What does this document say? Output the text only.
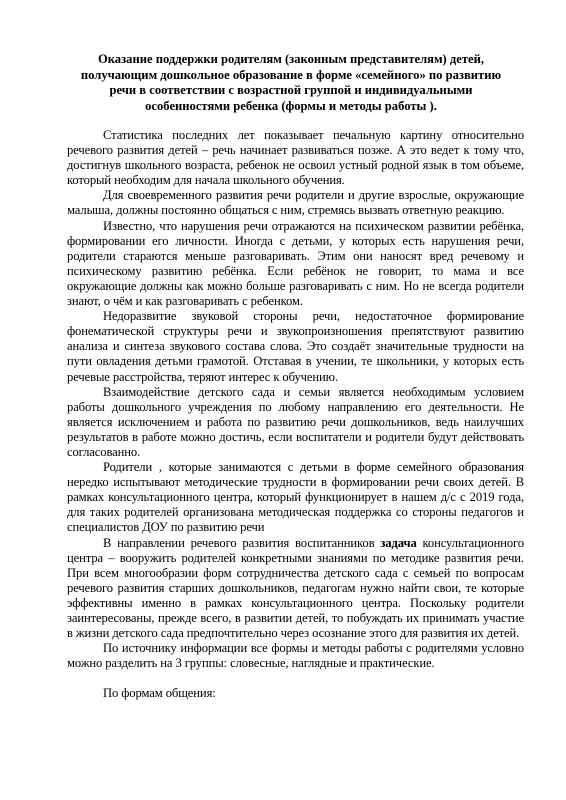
Оказание поддержки родителям (законным представителям) детей,
получающим дошкольное образование в форме «семейного» по развитию
речи в соответствии с возрастной группой и индивидуальными
особенностями ребенка (формы и методы работы ).

Статистика последних лет показывает печальную картину относительно речевого развития детей – речь начинает развиваться позже. А это ведет к тому что, достигнув школьного возраста, ребенок не освоил устный родной язык в том объеме, который необходим для начала школьного обучения.

Для своевременного развития речи родители и другие взрослые, окружающие малыша, должны постоянно общаться с ним, стремясь вызвать ответную реакцию.

Известно, что нарушения речи отражаются на психическом развитии ребёнка, формировании его личности. Иногда с детьми, у которых есть нарушения речи, родители стараются меньше разговаривать. Этим они наносят вред речевому и психическому развитию ребёнка. Если ребёнок не говорит, то мама и все окружающие должны как можно больше разговаривать с ним. Но не всегда родители знают, о чём и как разговаривать с ребенком.

Недоразвитие звуковой стороны речи, недостаточное формирование фонематической структуры речи и звукопроизношения препятствуют развитию анализа и синтеза звукового состава слова. Это создаёт значительные трудности на пути овладения детьми грамотой. Отставая в учении, те школьники, у которых есть речевые расстройства, теряют интерес к обучению.

Взаимодействие детского сада и семьи является необходимым условием работы дошкольного учреждения по любому направлению его деятельности. Не является исключением и работа по развитию речи дошкольников, ведь наилучших результатов в работе можно достичь, если воспитатели и родители будут действовать согласованно.

Родители , которые занимаются с детьми в форме семейного образования нередко испытывают методические трудности в формировании речи своих детей. В рамках консультационного центра, который функционирует в нашем д/с с 2019 года, для таких родителей организована методическая поддержка со стороны педагогов и специалистов ДОУ по развитию речи

В направлении речевого развития воспитанников задача консультационного центра – вооружить родителей конкретными знаниями по методике развития речи. При всем многообразии форм сотрудничества детского сада с семьей по вопросам речевого развития старших дошкольников, педагогам нужно найти свои, те которые эффективны именно в рамках консультационного центра. Поскольку родители заинтересованы, прежде всего, в развитии детей, то побуждать их принимать участие в жизни детского сада предпочтительно через осознание этого для развития их детей.

По источнику информации все формы и методы работы с родителями условно можно разделить на 3 группы: словесные, наглядные и практические.

По формам общения:
